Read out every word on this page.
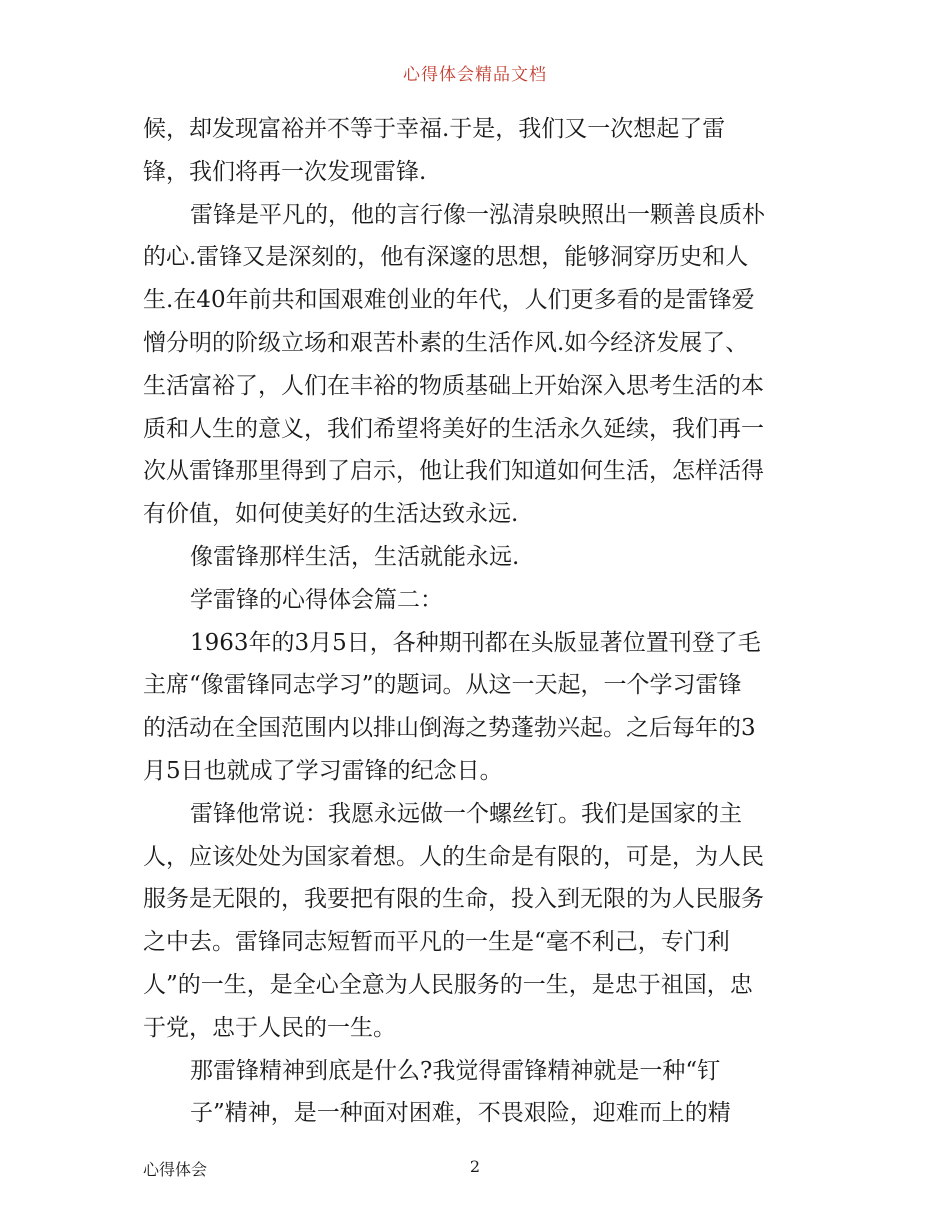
心得体会精品文档
候，却发现富裕并不等于幸福.于是，我们又一次想起了雷
锋，我们将再一次发现雷锋.
雷锋是平凡的，他的言行像一泓清泉映照出一颗善良质朴
的心.雷锋又是深刻的，他有深邃的思想，能够洞穿历史和人
生.在40年前共和国艰难创业的年代，人们更多看的是雷锋爱
憎分明的阶级立场和艰苦朴素的生活作风.如今经济发展了、
生活富裕了，人们在丰裕的物质基础上开始深入思考生活的本
质和人生的意义，我们希望将美好的生活永久延续，我们再一
次从雷锋那里得到了启示，他让我们知道如何生活，怎样活得
有价值，如何使美好的生活达致永远.
像雷锋那样生活，生活就能永远.
学雷锋的心得体会篇二：
1963年的3月5日，各种期刊都在头版显著位置刊登了毛
主席“像雷锋同志学习”的题词。从这一天起，一个学习雷锋
的活动在全国范围内以排山倒海之势蓬勃兴起。之后每年的3
月5日也就成了学习雷锋的纪念日。
雷锋他常说：我愿永远做一个螺丝钉。我们是国家的主
人，应该处处为国家着想。人的生命是有限的，可是，为人民
服务是无限的，我要把有限的生命，投入到无限的为人民服务
之中去。雷锋同志短暂而平凡的一生是“毫不利己，专门利
人”的一生，是全心全意为人民服务的一生，是忠于祖国，忠
于党，忠于人民的一生。
那雷锋精神到底是什么?我觉得雷锋精神就是一种“钉
子”精神，是一种面对困难，不畏艰险，迎难而上的精
心得体会	2
